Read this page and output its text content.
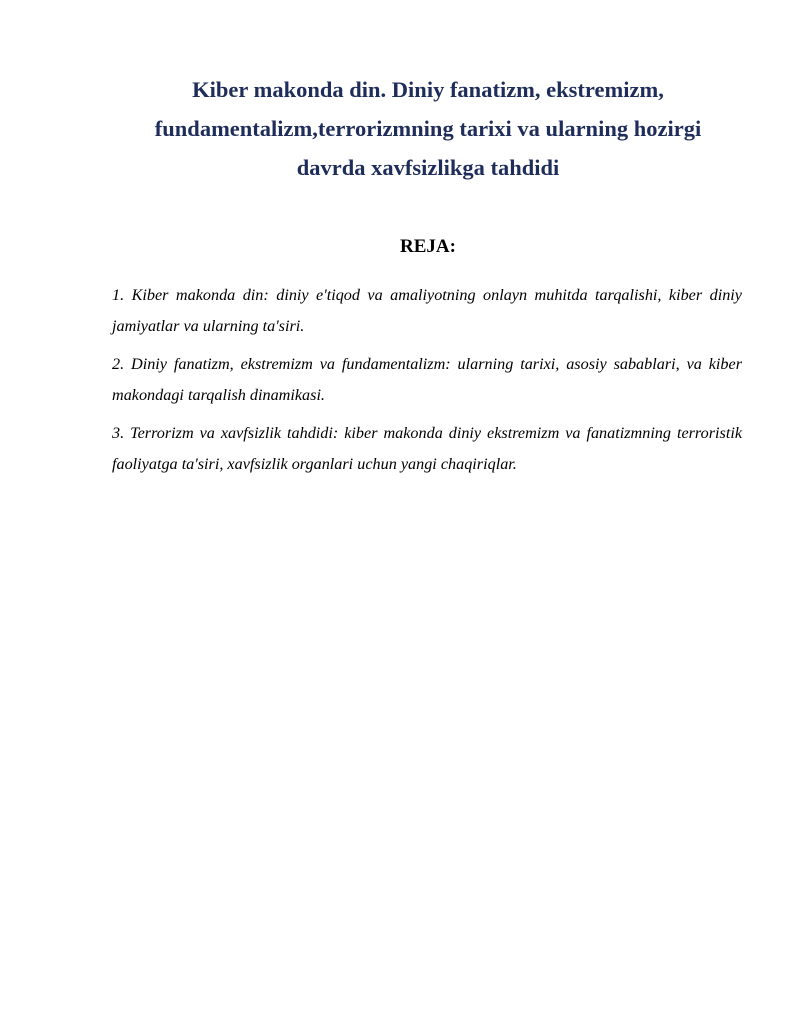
Kiber makonda din. Diniy fanatizm, ekstremizm,
fundamentalizm,terrorizmning tarixi va ularning hozirgi
davrda xavfsizlikga tahdidi
REJA:
1. Kiber makonda din: diniy e'tiqod va amaliyotning onlayn muhitda tarqalishi, kiber diniy jamiyatlar va ularning ta'siri.
2. Diniy fanatizm, ekstremizm va fundamentalizm: ularning tarixi, asosiy sabablari, va kiber makondagi tarqalish dinamikasi.
3. Terrorizm va xavfsizlik tahdidi: kiber makonda diniy ekstremizm va fanatizmning terroristik faoliyatga ta'siri, xavfsizlik organlari uchun yangi chaqiriqlar.
